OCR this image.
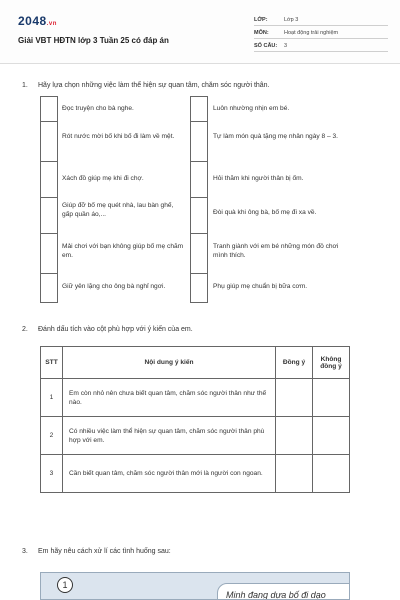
2048.vn
Giải VBT HĐTN lớp 3 Tuần 25 có đáp án
LỚP:	Lớp 3
MÔN:	Hoạt động trải nghiệm
SỐ CÂU:	3
1. Hãy lựa chọn những việc làm thể hiện sự quan tâm, chăm sóc người thân.
Đọc truyện cho bà nghe.
Rót nước mời bố khi bố đi làm về mệt.
Xách đồ giúp mẹ khi đi chợ.
Giúp đỡ bố mẹ quét nhà, lau bàn ghế, gấp quần áo,...
Mải chơi với bạn không giúp bố mẹ chăm em.
Giữ yên lặng cho ông bà nghỉ ngơi.
Luôn nhường nhịn em bé.
Tự làm món quà tặng mẹ nhân ngày 8 – 3.
Hỏi thăm khi người thân bị ốm.
Đòi quà khi ông bà, bố mẹ đi xa về.
Tranh giành với em bé những món đồ chơi mình thích.
Phụ giúp mẹ chuẩn bị bữa cơm.
2. Đánh dấu tích vào cột phù hợp với ý kiến của em.
STT	Nội dung ý kiến	Đồng ý	Không đồng ý
1	Em còn nhỏ nên chưa biết quan tâm, chăm sóc người thân như thế nào.		
2	Có nhiều việc làm thể hiện sự quan tâm, chăm sóc người thân phù hợp với em.		
3	Cần biết quan tâm, chăm sóc người thân mới là người con ngoan.		
3. Em hãy nêu cách xử lí các tình huống sau:
1
Minh đang dựa bố đi dạo
